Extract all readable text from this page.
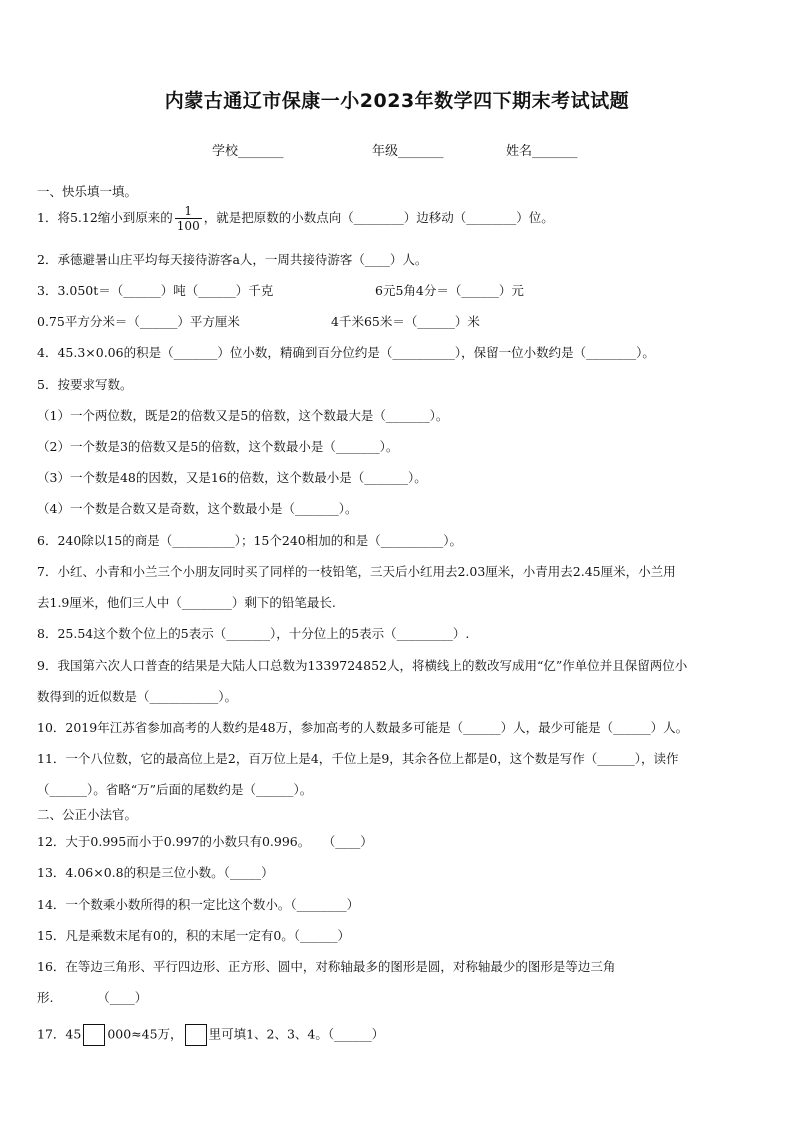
内蒙古通辽市保康一小2023年数学四下期末考试试题
学校_______	年级_______	姓名_______
一、快乐填一填。
1．将5.12缩小到原来的 $\frac{1}{100}$ ，就是把原数的小数点向（________）边移动（________）位。
2．承德避暑山庄平均每天接待游客a人，一周共接待游客（____）人。
3．3.050t＝（______）吨（______）千克	6元5角4分＝（______）元
0.75平方分米＝（______）平方厘米	4千米65米＝（______）米
4．45.3×0.06的积是（_______）位小数，精确到百分位约是（__________），保留一位小数约是（________）。
5．按要求写数。
（1）一个两位数，既是2的倍数又是5的倍数，这个数最大是（_______）。
（2）一个数是3的倍数又是5的倍数，这个数最小是（_______）。
（3）一个数是48的因数，又是16的倍数，这个数最小是（_______）。
（4）一个数是合数又是奇数，这个数最小是（_______）。
6．240除以15的商是（__________）；15个240相加的和是（__________）。
7．小红、小青和小兰三个小朋友同时买了同样的一枝铅笔，三天后小红用去2.03厘米，小青用去2.45厘米，小兰用
去1.9厘米，他们三人中（________）剩下的铅笔最长.
8．25.54这个数个位上的5表示（_______），十分位上的5表示（_________）.
9．我国第六次人口普查的结果是大陆人口总数为1339724852人，将横线上的数改写成用“亿”作单位并且保留两位小
数得到的近似数是（___________）。
10．2019年江苏省参加高考的人数约是48万，参加高考的人数最多可能是（______）人，最少可能是（______）人。
11．一个八位数，它的最高位上是2，百万位上是4，千位上是9，其余各位上都是0，这个数是写作（______），读作
（______）。省略“万”后面的尾数约是（______）。
二、公正小法官。
12．大于0.995而小于0.997的小数只有0.996。　　（____）
13．4.06×0.8的积是三位小数。（_____）
14．一个数乘小数所得的积一定比这个数小。（________）
15．凡是乘数末尾有0的，积的末尾一定有0。（______）
16．在等边三角形、平行四边形、正方形、圆中，对称轴最多的图形是圆，对称轴最少的图形是等边三角
形.　　　　（____）
17．45 000≈45万， 里可填1、2、3、4。（______）
